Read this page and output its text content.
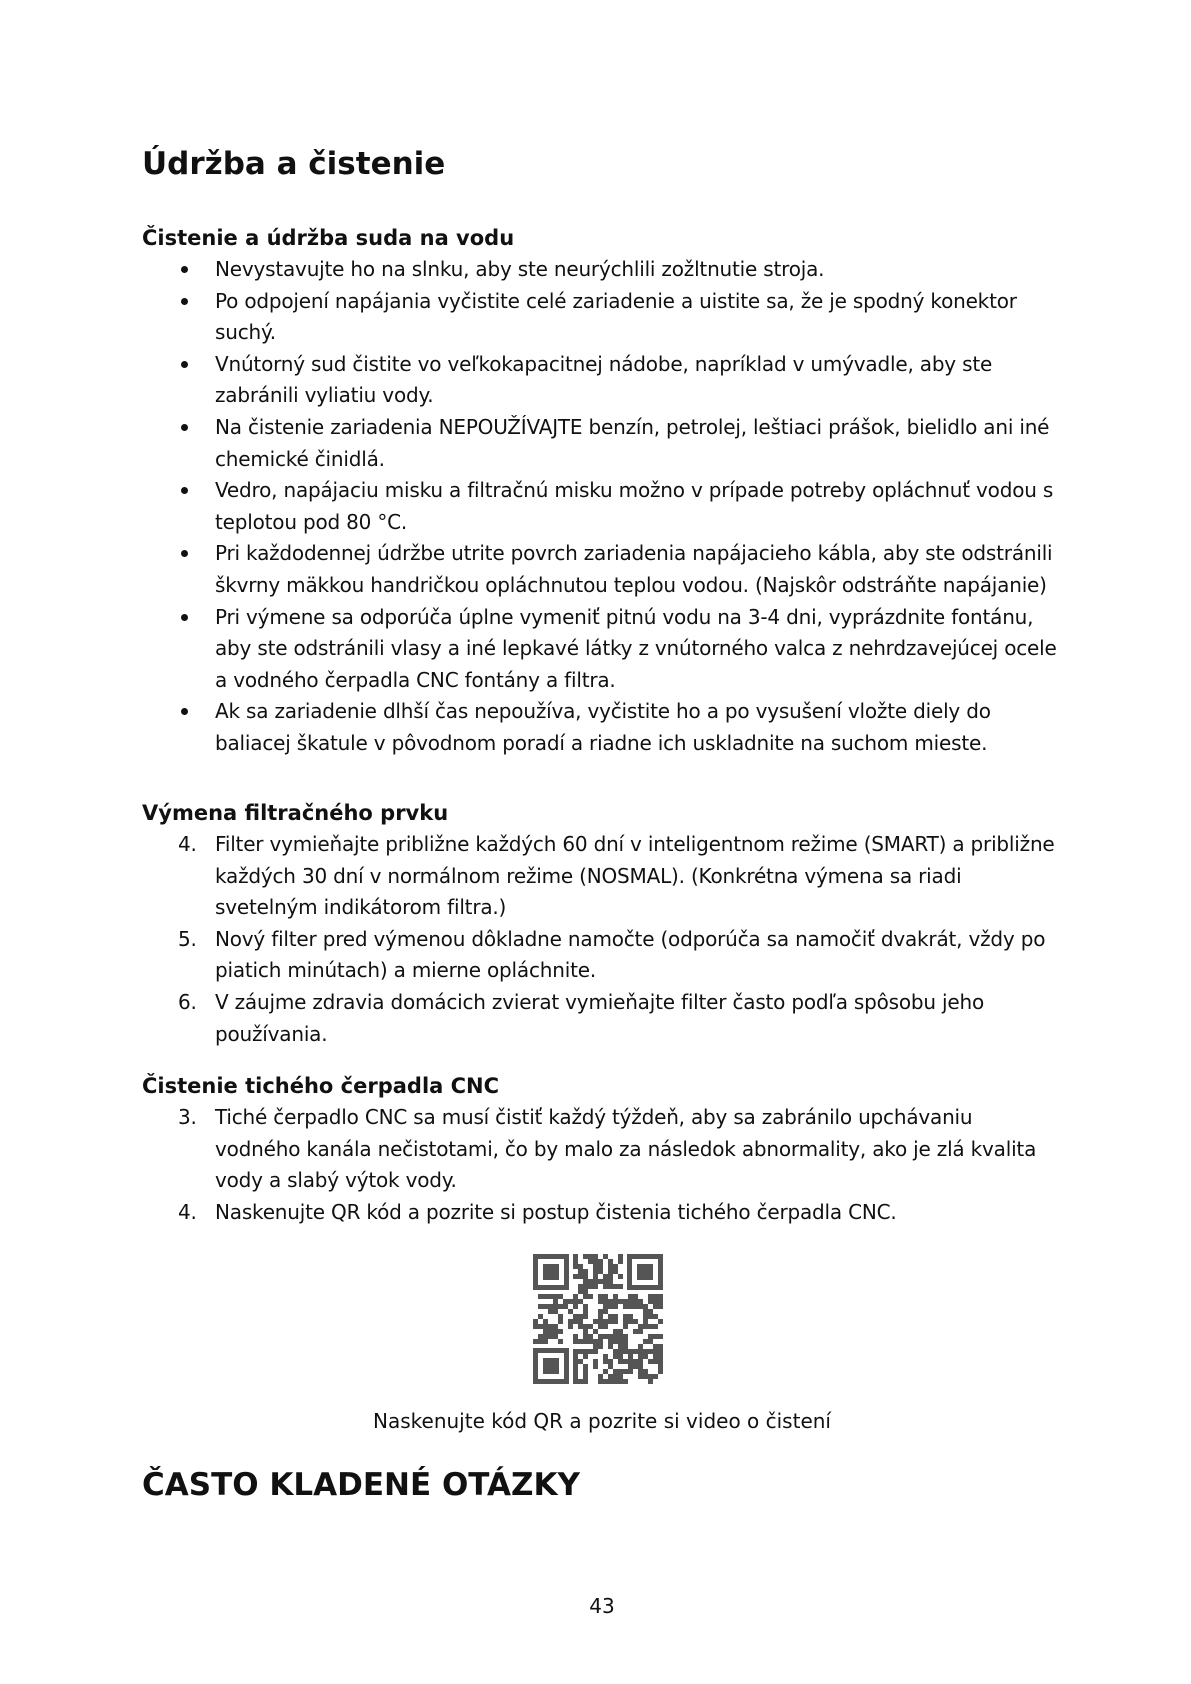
Údržba a čistenie
Čistenie a údržba suda na vodu
Nevystavujte ho na slnku, aby ste neurýchlili zožltnutie stroja.
Po odpojení napájania vyčistite celé zariadenie a uistite sa, že je spodný konektor suchý.
Vnútorný sud čistite vo veľkokapacitnej nádobe, napríklad v umývadle, aby ste zabránili vyliatiu vody.
Na čistenie zariadenia NEPOUŽÍVAJTE benzín, petrolej, leštiaci prášok, bielidlo ani iné chemické činidlá.
Vedro, napájaciu misku a filtračnú misku možno v prípade potreby opláchnuť vodou s teplotou pod 80 °C.
Pri každodennej údržbe utrite povrch zariadenia napájacieho kábla, aby ste odstránili škvrny mäkkou handričkou opláchnutou teplou vodou. (Najskôr odstráňte napájanie)
Pri výmene sa odporúča úplne vymeniť pitnú vodu na 3-4 dni, vyprázdnite fontánu, aby ste odstránili vlasy a iné lepkavé látky z vnútorného valca z nehrdzavejúcej ocele a vodného čerpadla CNC fontány a filtra.
Ak sa zariadenie dlhší čas nepoužíva, vyčistite ho a po vysušení vložte diely do baliacej škatule v pôvodnom poradí a riadne ich uskladnite na suchom mieste.
Výmena filtračného prvku
4. Filter vymieňajte približne každých 60 dní v inteligentnom režime (SMART) a približne každých 30 dní v normálnom režime (NOSMAL). (Konkrétna výmena sa riadi svetelným indikátorom filtra.)
5. Nový filter pred výmenou dôkladne namočte (odporúča sa namočiť dvakrát, vždy po piatich minútach) a mierne opláchnite.
6. V záujme zdravia domácich zvierat vymieňajte filter často podľa spôsobu jeho používania.
Čistenie tichého čerpadla CNC
3. Tiché čerpadlo CNC sa musí čistiť každý týždeň, aby sa zabránilo upchávaniu vodného kanála nečistotami, čo by malo za následok abnormality, ako je zlá kvalita vody a slabý výtok vody.
4. Naskenujte QR kód a pozrite si postup čistenia tichého čerpadla CNC.
Naskenujte kód QR a pozrite si video o čistení
ČASTO KLADENÉ OTÁZKY
43
